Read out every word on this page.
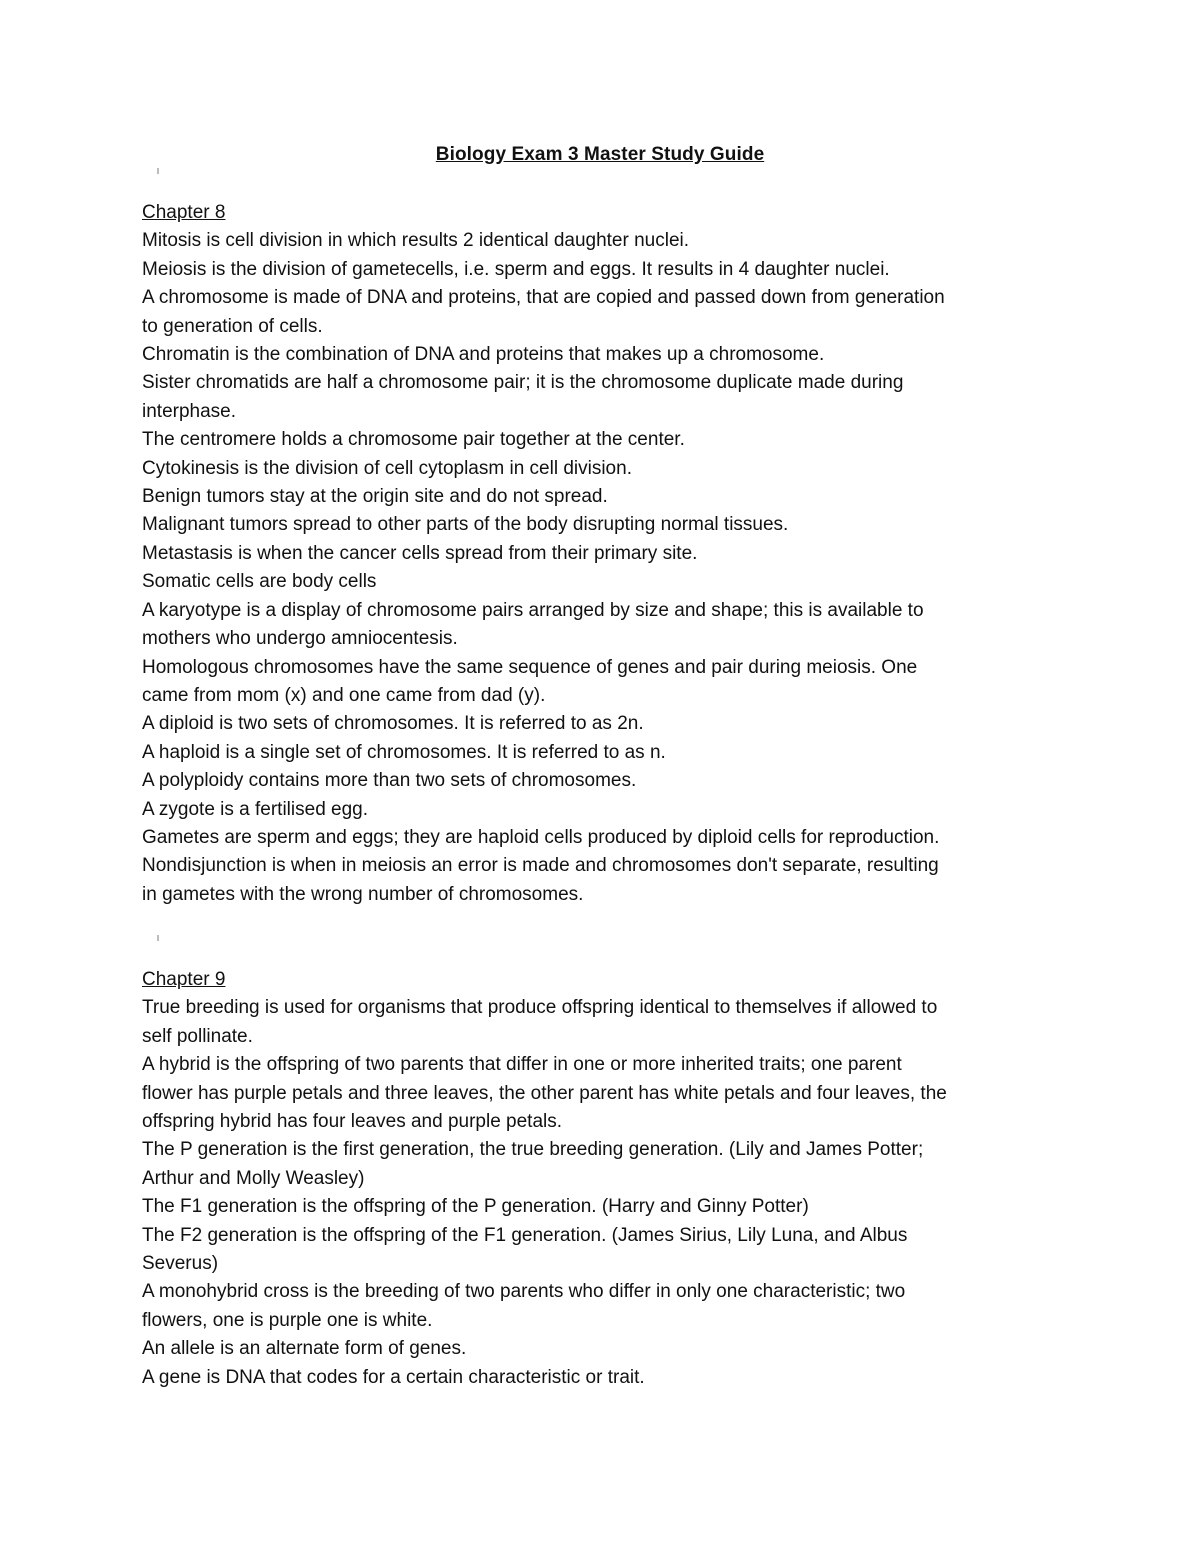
Biology Exam 3 Master Study Guide

Chapter 8

Mitosis is cell division in which results 2 identical daughter nuclei.

Meiosis is the division of gametecells, i.e. sperm and eggs. It results in 4 daughter nuclei.

A chromosome is made of DNA and proteins, that are copied and passed down from generation

to generation of cells.

Chromatin is the combination of DNA and proteins that makes up a chromosome.

Sister chromatids are half a chromosome pair; it is the chromosome duplicate made during

interphase.

The centromere holds a chromosome pair together at the center.

Cytokinesis is the division of cell cytoplasm in cell division.

Benign tumors stay at the origin site and do not spread.

Malignant tumors spread to other parts of the body disrupting normal tissues.

Metastasis is when the cancer cells spread from their primary site.

Somatic cells are body cells

A karyotype is a display of chromosome pairs arranged by size and shape; this is available to

mothers who undergo amniocentesis.

Homologous chromosomes have the same sequence of genes and pair during meiosis. One

came from mom (x) and one came from dad (y).

A diploid is two sets of chromosomes. It is referred to as 2n.

A haploid is a single set of chromosomes. It is referred to as n.

A polyploidy contains more than two sets of chromosomes.

A zygote is a fertilised egg.

Gametes are sperm and eggs; they are haploid cells produced by diploid cells for reproduction.

Nondisjunction is when in meiosis an error is made and chromosomes don't separate, resulting

in gametes with the wrong number of chromosomes.

Chapter 9

True breeding is used for organisms that produce offspring identical to themselves if allowed to

self pollinate.

A hybrid is the offspring of two parents that differ in one or more inherited traits; one parent

flower has purple petals and three leaves, the other parent has white petals and four leaves, the

offspring hybrid has four leaves and purple petals.

The P generation is the first generation, the true breeding generation. (Lily and James Potter;

Arthur and Molly Weasley)

The F1 generation is the offspring of the P generation. (Harry and Ginny Potter)

The F2 generation is the offspring of the F1 generation. (James Sirius, Lily Luna, and Albus

Severus)

A monohybrid cross is the breeding of two parents who differ in only one characteristic; two

flowers, one is purple one is white.

An allele is an alternate form of genes.

A gene is DNA that codes for a certain characteristic or trait.
